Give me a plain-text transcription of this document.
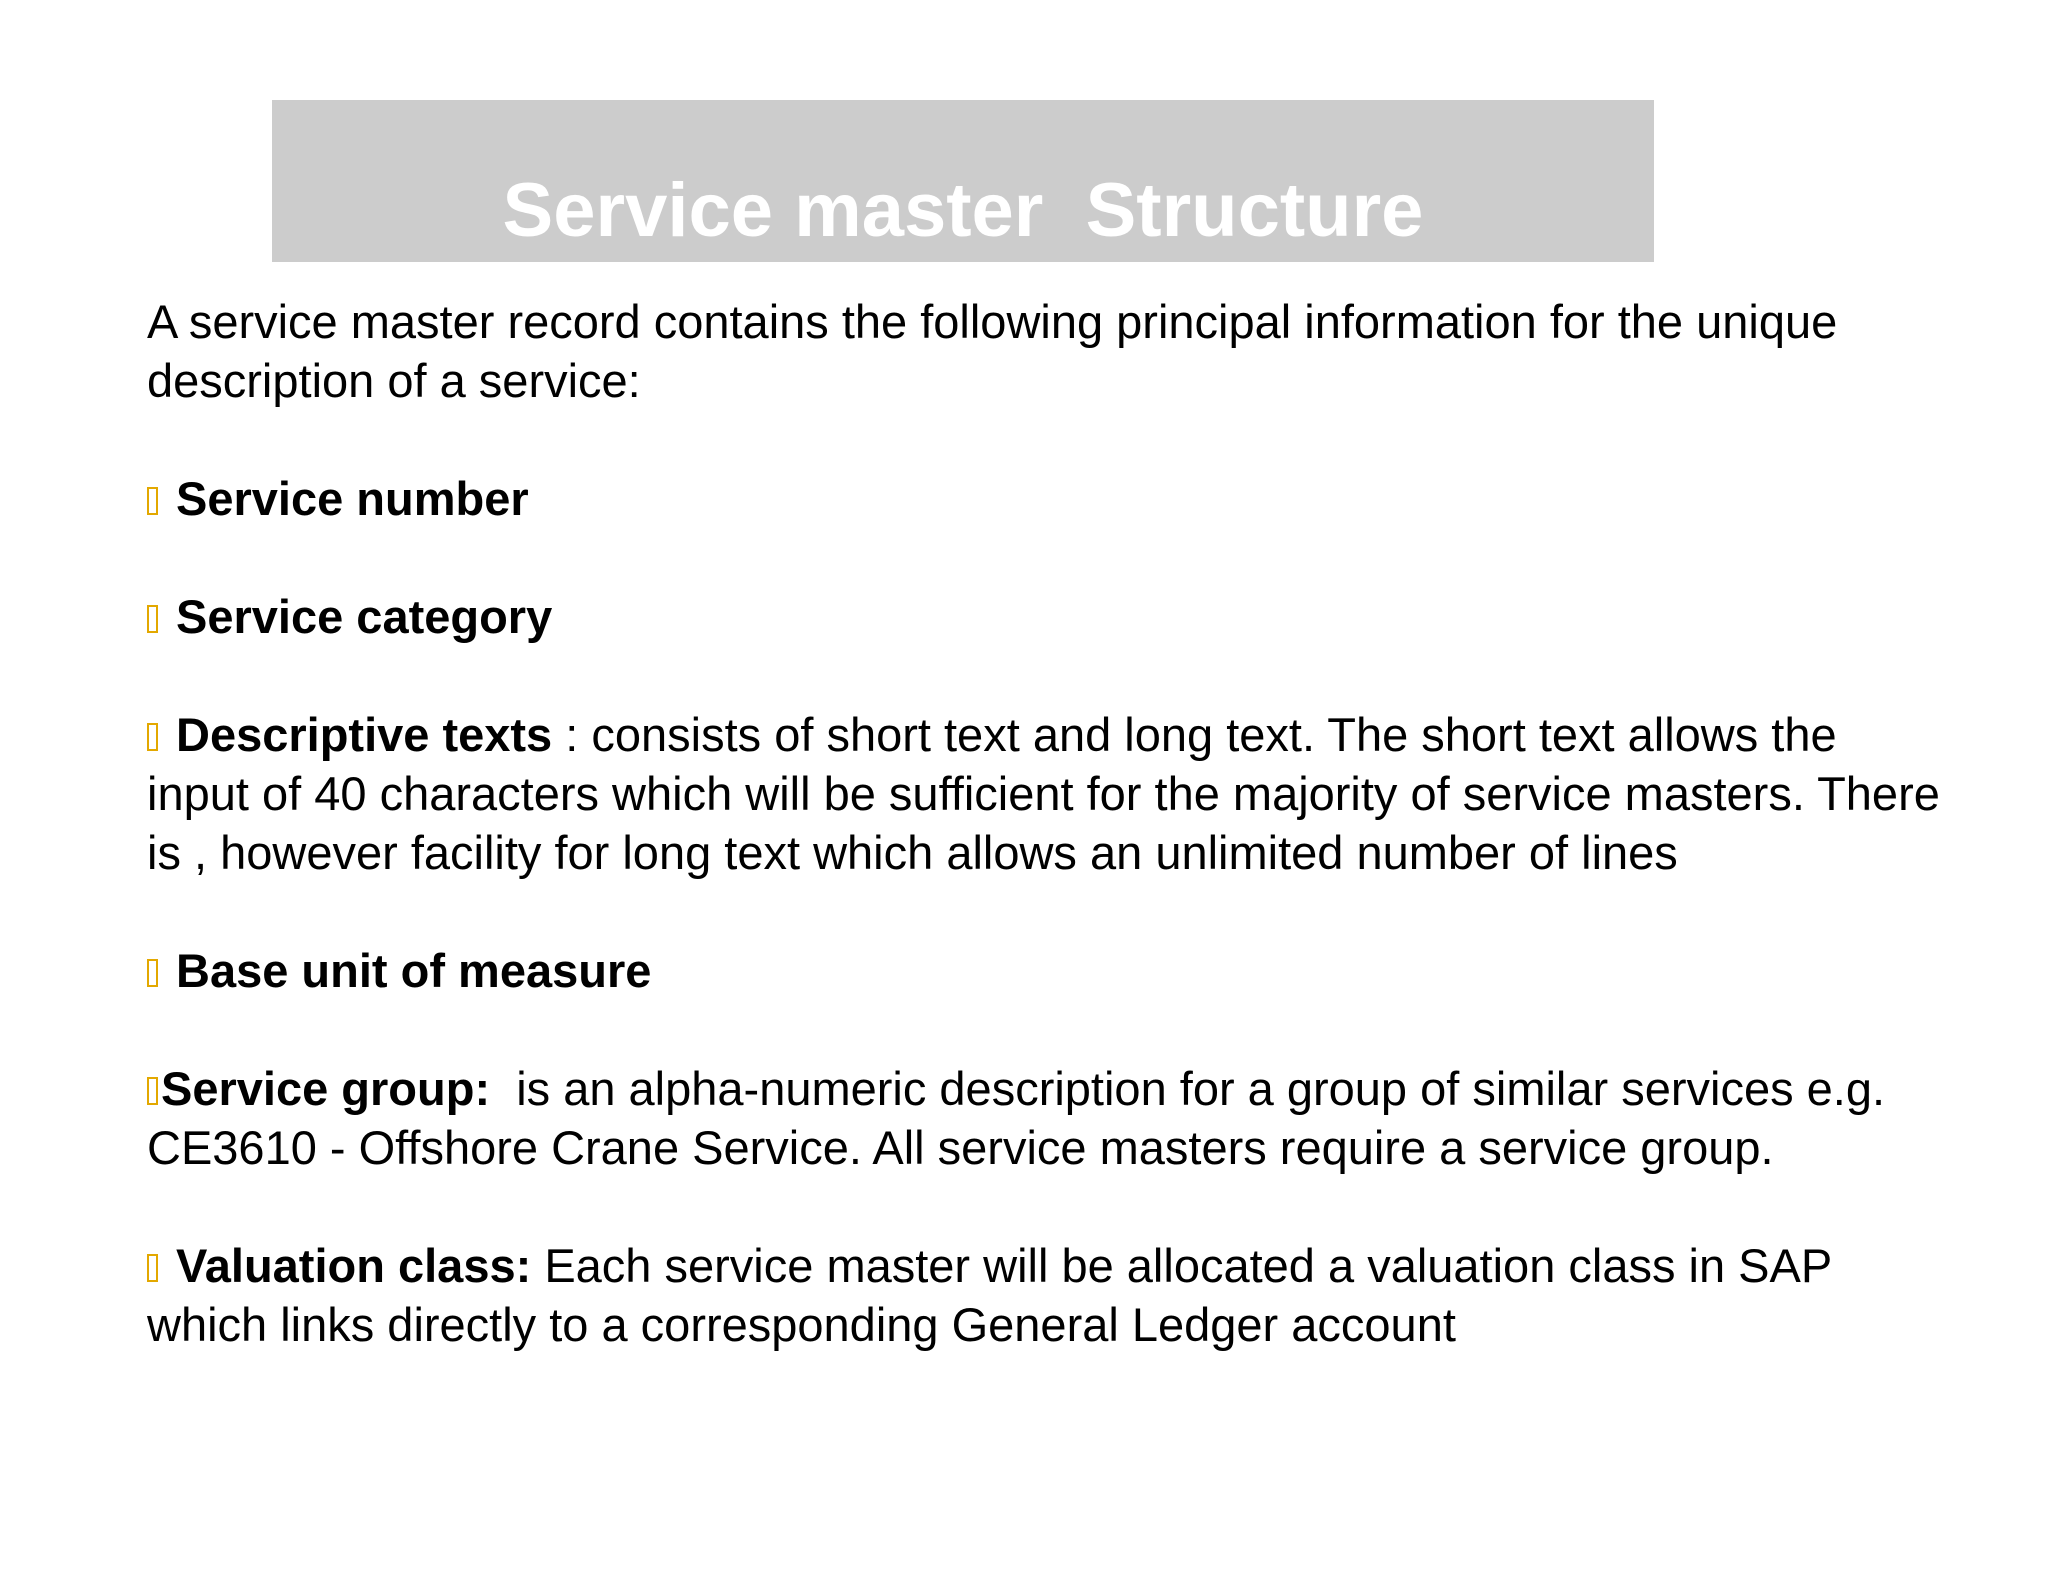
Service master  Structure

A service master record contains the following principal information for the unique description of a service:

Service number

Service category

Descriptive texts : consists of short text and long text. The short text allows the input of 40 characters which will be sufficient for the majority of service masters. There is , however facility for long text which allows an unlimited number of lines

Base unit of measure

Service group:  is an alpha-numeric description for a group of similar services e.g. CE3610 - Offshore Crane Service. All service masters require a service group.

Valuation class: Each service master will be allocated a valuation class in SAP which links directly to a corresponding General Ledger account
